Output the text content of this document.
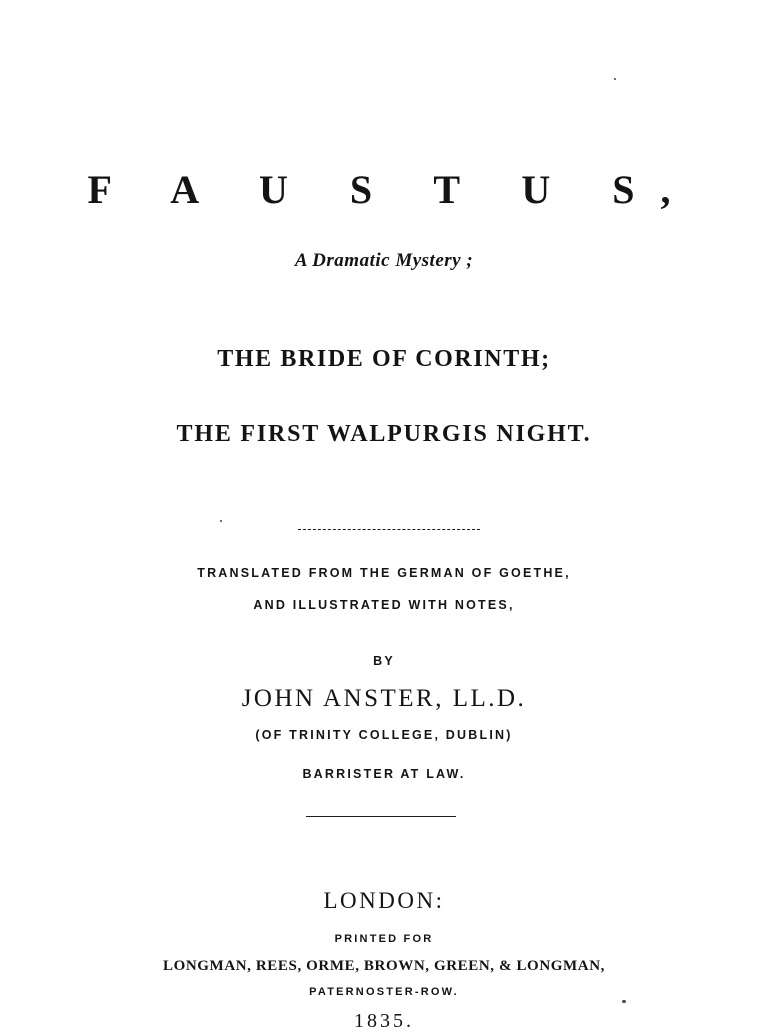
F A U S T U S,
A Dramatic Mystery ;
THE BRIDE OF CORINTH;
THE FIRST WALPURGIS NIGHT.
TRANSLATED FROM THE GERMAN OF GOETHE,
AND ILLUSTRATED WITH NOTES,
BY
JOHN ANSTER, LL.D.
(OF TRINITY COLLEGE, DUBLIN)
BARRISTER AT LAW.
LONDON:
PRINTED FOR
LONGMAN, REES, ORME, BROWN, GREEN, & LONGMAN,
PATERNOSTER-ROW.
1835.
